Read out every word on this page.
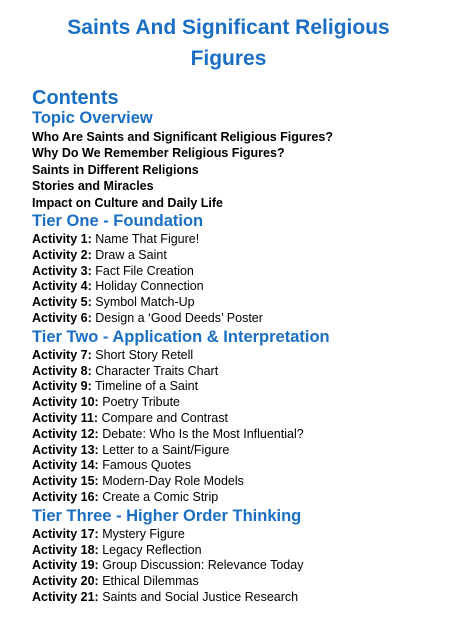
Saints And Significant Religious
Figures
Contents
Topic Overview
Who Are Saints and Significant Religious Figures?
Why Do We Remember Religious Figures?
Saints in Different Religions
Stories and Miracles
Impact on Culture and Daily Life
Tier One - Foundation
Activity 1: Name That Figure!
Activity 2: Draw a Saint
Activity 3: Fact File Creation
Activity 4: Holiday Connection
Activity 5: Symbol Match-Up
Activity 6: Design a ‘Good Deeds’ Poster
Tier Two - Application & Interpretation
Activity 7: Short Story Retell
Activity 8: Character Traits Chart
Activity 9: Timeline of a Saint
Activity 10: Poetry Tribute
Activity 11: Compare and Contrast
Activity 12: Debate: Who Is the Most Influential?
Activity 13: Letter to a Saint/Figure
Activity 14: Famous Quotes
Activity 15: Modern-Day Role Models
Activity 16: Create a Comic Strip
Tier Three - Higher Order Thinking
Activity 17: Mystery Figure
Activity 18: Legacy Reflection
Activity 19: Group Discussion: Relevance Today
Activity 20: Ethical Dilemmas
Activity 21: Saints and Social Justice Research
